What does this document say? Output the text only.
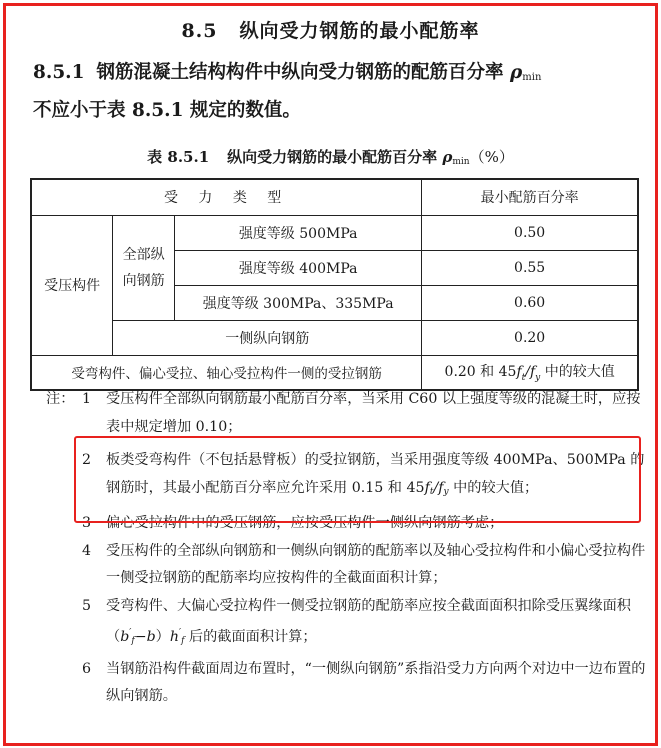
8.5 纵向受力钢筋的最小配筋率
8.5.1 钢筋混凝土结构构件中纵向受力钢筋的配筋百分率 $\rho_{min}$
不应小于表 8.5.1 规定的数值。
表 8.5.1 纵向受力钢筋的最小配筋百分率 $\rho_{min}(\%)$
受 力 类 型			最小配筋百分率
受压构件	全部纵向钢筋	强度等级 500MPa	0.50
		强度等级 400MPa	0.55
		强度等级 300MPa、335MPa	0.60
	一侧纵向钢筋		0.20
受弯构件、偏心受拉、轴心受拉构件一侧的受拉钢筋			0.20 和 $45f_t/f_y$ 中的较大值
注： 1 受压构件全部纵向钢筋最小配筋百分率，当采用 C60 以上强度等级的混凝土时，应按表中规定增加 0.10；
2 板类受弯构件（不包括悬臂板）的受拉钢筋，当采用强度等级 400MPa、500MPa 的钢筋时，其最小配筋百分率应允许采用 0.15 和 $45f_t/f_y$ 中的较大值；
3 偏心受拉构件中的受压钢筋，应按受压构件一侧纵向钢筋考虑；
4 受压构件的全部纵向钢筋和一侧纵向钢筋的配筋率以及轴心受拉构件和小偏心受拉构件一侧受拉钢筋的配筋率均应按构件的全截面面积计算；
5 受弯构件、大偏心受拉构件一侧受拉钢筋的配筋率应按全截面面积扣除受压翼缘面积$(b'_f-b)h'_f$ 后的截面面积计算；
6 当钢筋沿构件截面周边布置时，“一侧纵向钢筋”系指沿受力方向两个对边中一边布置的纵向钢筋。
